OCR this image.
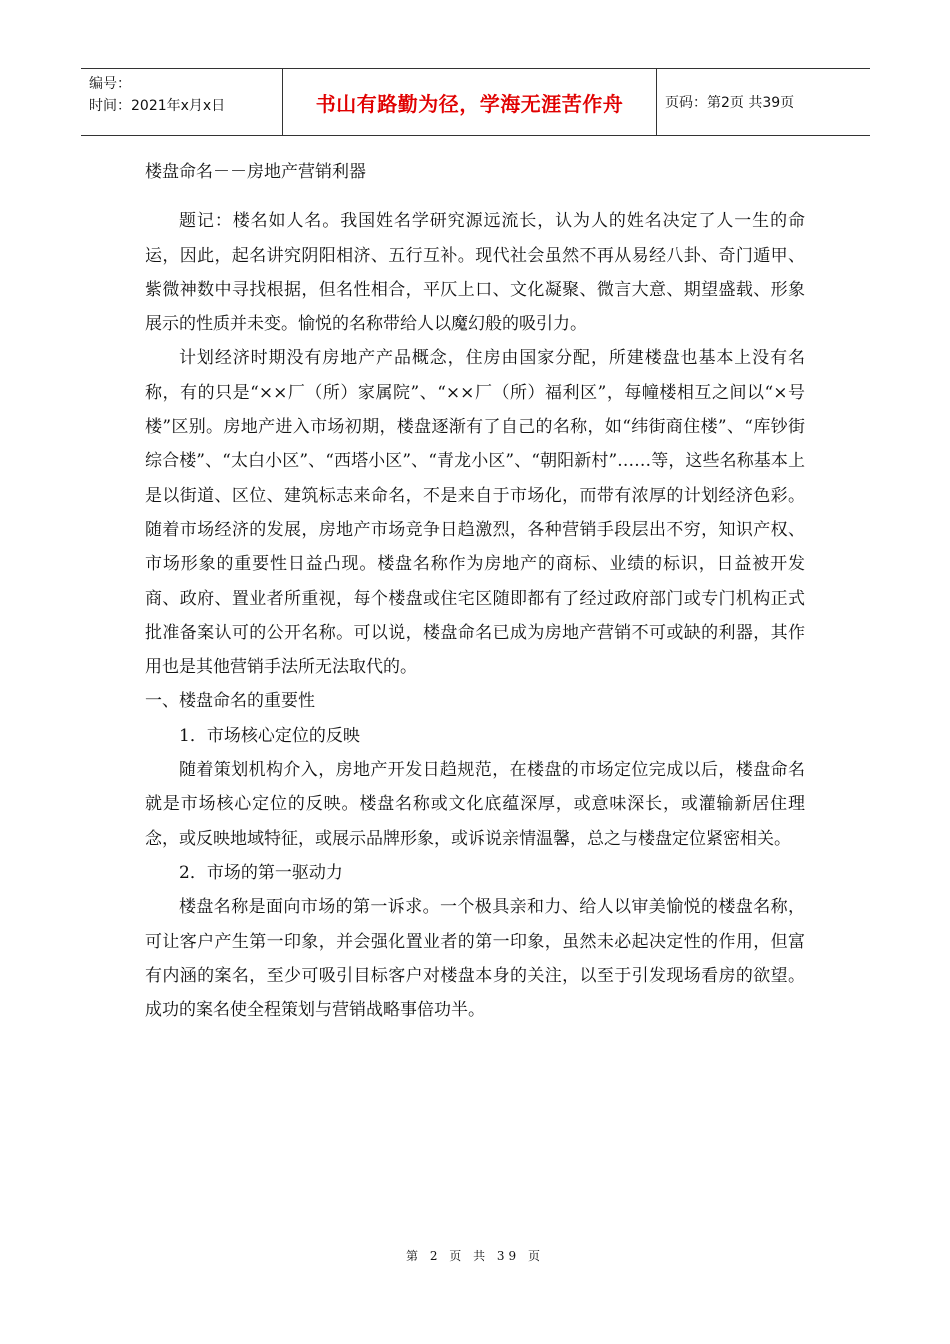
编号：
时间：2021年x月x日	书山有路勤为径，学海无涯苦作舟	页码：第2页 共39页

楼盘命名－－房地产营销利器

题记：楼名如人名。我国姓名学研究源远流长，认为人的姓名决定了人一生的命运，因此，起名讲究阴阳相济、五行互补。现代社会虽然不再从易经八卦、奇门遁甲、紫微神数中寻找根据，但名性相合，平仄上口、文化凝聚、微言大意、期望盛载、形象展示的性质并未变。愉悦的名称带给人以魔幻般的吸引力。

计划经济时期没有房地产产品概念，住房由国家分配，所建楼盘也基本上没有名称，有的只是“××厂（所）家属院”、“××厂（所）福利区”，每幢楼相互之间以“×号楼”区别。房地产进入市场初期，楼盘逐渐有了自己的名称，如“纬街商住楼”、“库钞街综合楼”、“太白小区”、“西塔小区”、“青龙小区”、“朝阳新村”……等，这些名称基本上是以街道、区位、建筑标志来命名，不是来自于市场化，而带有浓厚的计划经济色彩。随着市场经济的发展，房地产市场竞争日趋激烈，各种营销手段层出不穷，知识产权、市场形象的重要性日益凸现。楼盘名称作为房地产的商标、业绩的标识，日益被开发商、政府、置业者所重视，每个楼盘或住宅区随即都有了经过政府部门或专门机构正式批准备案认可的公开名称。可以说，楼盘命名已成为房地产营销不可或缺的利器，其作用也是其他营销手法所无法取代的。

一、楼盘命名的重要性

1．市场核心定位的反映

随着策划机构介入，房地产开发日趋规范，在楼盘的市场定位完成以后，楼盘命名就是市场核心定位的反映。楼盘名称或文化底蕴深厚，或意味深长，或灌输新居住理念，或反映地域特征，或展示品牌形象，或诉说亲情温馨，总之与楼盘定位紧密相关。

2．市场的第一驱动力

楼盘名称是面向市场的第一诉求。一个极具亲和力、给人以审美愉悦的楼盘名称，可让客户产生第一印象，并会强化置业者的第一印象，虽然未必起决定性的作用，但富有内涵的案名，至少可吸引目标客户对楼盘本身的关注，以至于引发现场看房的欲望。成功的案名使全程策划与营销战略事倍功半。

第 2 页 共 39 页
